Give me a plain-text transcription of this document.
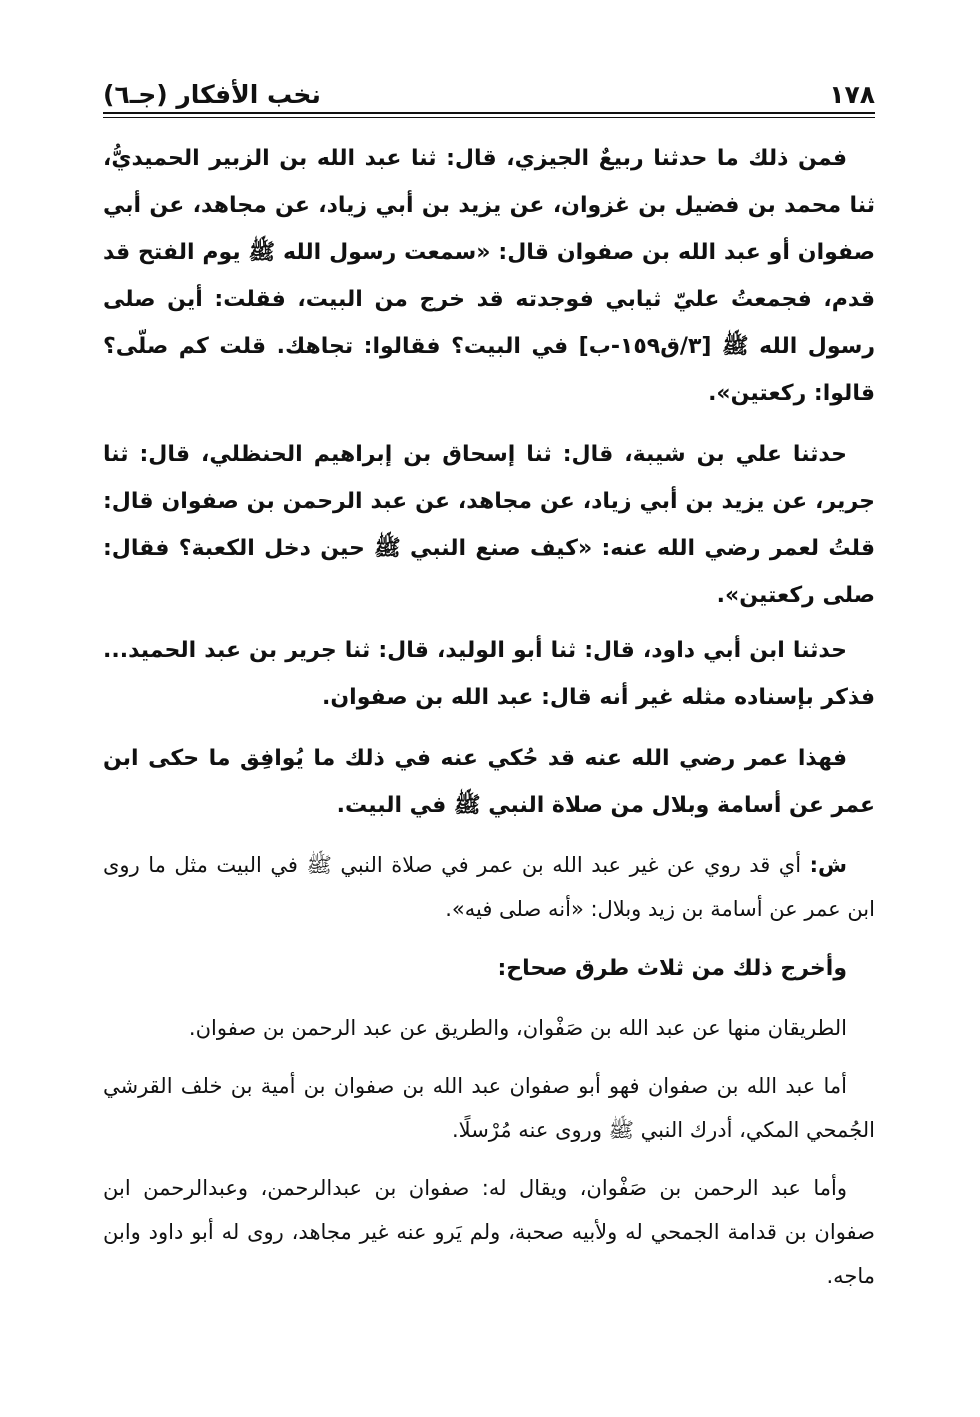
١٧٨
نخب الأفكار (جـ٦)

فمن ذلك ما حدثنا ربيعٌ الجيزي، قال: ثنا عبد الله بن الزبير الحميديُّ، ثنا محمد بن فضيل بن غزوان، عن يزيد بن أبي زياد، عن مجاهد، عن أبي صفوان أو عبد الله بن صفوان قال: «سمعت رسول الله ﷺ يوم الفتح قد قدم، فجمعتُ عليّ ثيابي فوجدته قد خرج من البيت، فقلت: أين صلى رسول الله ﷺ [٣/ق١٥٩-ب] في البيت؟ فقالوا: تجاهك. قلت كم صلّى؟ قالوا: ركعتين».

حدثنا علي بن شيبة، قال: ثنا إسحاق بن إبراهيم الحنظلي، قال: ثنا جرير، عن يزيد بن أبي زياد، عن مجاهد، عن عبد الرحمن بن صفوان قال: قلتُ لعمر رضي الله عنه: «كيف صنع النبي ﷺ حين دخل الكعبة؟ فقال: صلى ركعتين».

حدثنا ابن أبي داود، قال: ثنا أبو الوليد، قال: ثنا جرير بن عبد الحميد... فذكر بإسناده مثله غير أنه قال: عبد الله بن صفوان.

فهذا عمر رضي الله عنه قد حُكي عنه في ذلك ما يُوافِق ما حكى ابن عمر عن أسامة وبلال من صلاة النبي ﷺ في البيت.

ش: أي قد روي عن غير عبد الله بن عمر في صلاة النبي ﷺ في البيت مثل ما روى ابن عمر عن أسامة بن زيد وبلال: «أنه صلى فيه».

وأخرج ذلك من ثلاث طرق صحاح:

الطريقان منها عن عبد الله بن صَفْوان، والطريق عن عبد الرحمن بن صفوان.

أما عبد الله بن صفوان فهو أبو صفوان عبد الله بن صفوان بن أمية بن خلف القرشي الجُمحي المكي، أدرك النبي ﷺ وروى عنه مُرْسلًا.

وأما عبد الرحمن بن صَفْوان، ويقال له: صفوان بن عبدالرحمن، وعبدالرحمن ابن صفوان بن قدامة الجمحي له ولأبيه صحبة، ولم يَرو عنه غير مجاهد، روى له أبو داود وابن ماجه.
